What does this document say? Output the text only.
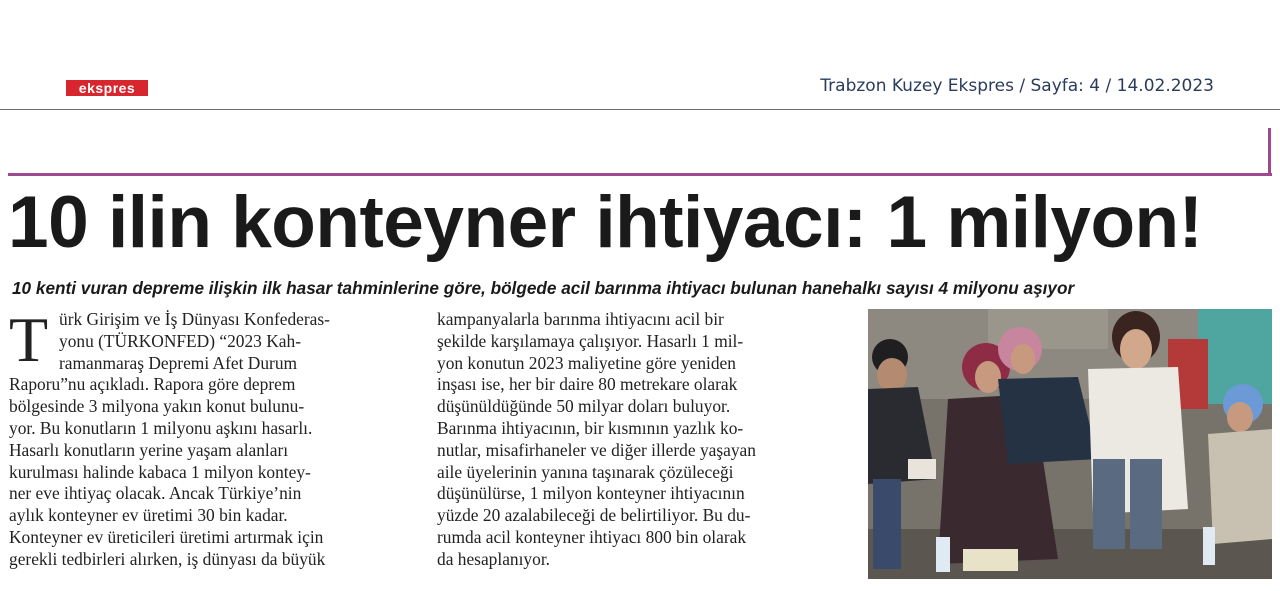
ekspres	Trabzon Kuzey Ekspres / Sayfa: 4 / 14.02.2023
10 ilin konteyner ihtiyacı: 1 milyon!
10 kenti vuran depreme ilişkin ilk hasar tahminlerine göre, bölgede acil barınma ihtiyacı bulunan hanehalkı sayısı 4 milyonu aşıyor
T ürk Girişim ve İş Dünyası Konfederas-
yonu (TÜRKONFED) “2023 Kah-
ramanmaraş Depremi Afet Durum
Raporu”nu açıkladı. Rapora göre deprem
bölgesinde 3 milyona yakın konut bulunu-
yor. Bu konutların 1 milyonu aşkını hasarlı.
Hasarlı konutların yerine yaşam alanları
kurulması halinde kabaca 1 milyon kontey-
ner eve ihtiyaç olacak. Ancak Türkiye’nin
aylık konteyner ev üretimi 30 bin kadar.
Konteyner ev üreticileri üretimi artırmak için
gerekli tedbirleri alırken, iş dünyası da büyük
kampanyalarla barınma ihtiyacını acil bir
şekilde karşılamaya çalışıyor. Hasarlı 1 mil-
yon konutun 2023 maliyetine göre yeniden
inşası ise, her bir daire 80 metrekare olarak
düşünüldüğünde 50 milyar doları buluyor.
Barınma ihtiyacının, bir kısmının yazlık ko-
nutlar, misafirhaneler ve diğer illerde yaşayan
aile üyelerinin yanına taşınarak çözüleceği
düşünülürse, 1 milyon konteyner ihtiyacının
yüzde 20 azalabileceği de belirtiliyor. Bu du-
rumda acil konteyner ihtiyacı 800 bin olarak
da hesaplanıyor.
